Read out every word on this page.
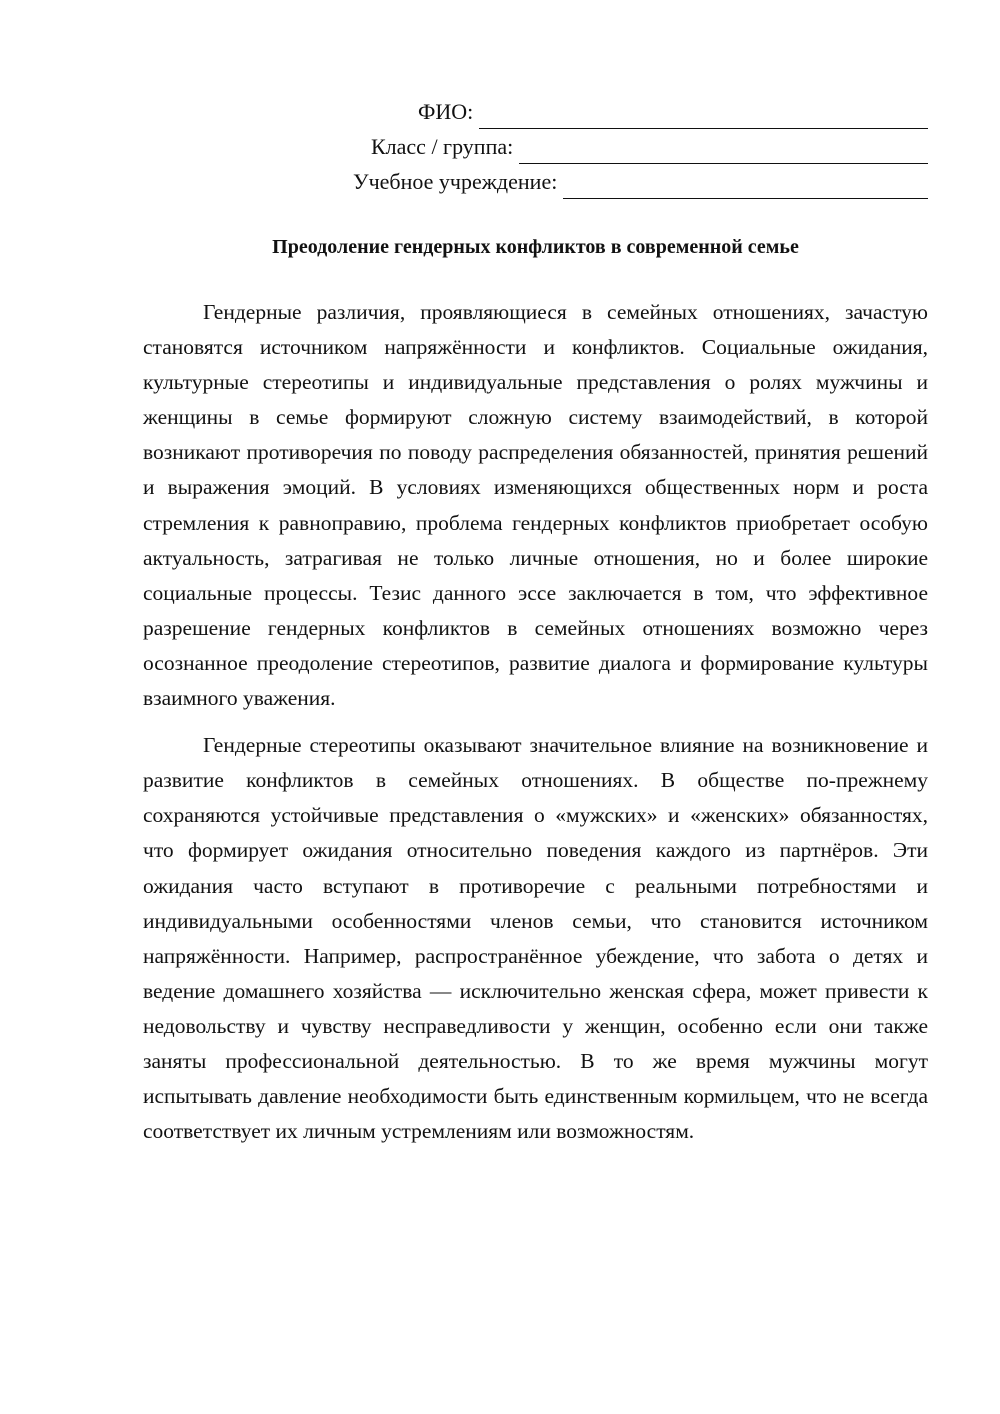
ФИО:
Класс / группа:
Учебное учреждение:
Преодоление гендерных конфликтов в современной семье

Гендерные различия, проявляющиеся в семейных отношениях, зачастую становятся источником напряжённости и конфликтов. Социальные ожидания, культурные стереотипы и индивидуальные представления о ролях мужчины и женщины в семье формируют сложную систему взаимодействий, в которой возникают противоречия по поводу распределения обязанностей, принятия решений и выражения эмоций. В условиях изменяющихся общественных норм и роста стремления к равноправию, проблема гендерных конфликтов приобретает особую актуальность, затрагивая не только личные отношения, но и более широкие социальные процессы. Тезис данного эссе заключается в том, что эффективное разрешение гендерных конфликтов в семейных отношениях возможно через осознанное преодоление стереотипов, развитие диалога и формирование культуры взаимного уважения.

Гендерные стереотипы оказывают значительное влияние на возникновение и развитие конфликтов в семейных отношениях. В обществе по-прежнему сохраняются устойчивые представления о «мужских» и «женских» обязанностях, что формирует ожидания относительно поведения каждого из партнёров. Эти ожидания часто вступают в противоречие с реальными потребностями и индивидуальными особенностями членов семьи, что становится источником напряжённости. Например, распространённое убеждение, что забота о детях и ведение домашнего хозяйства — исключительно женская сфера, может привести к недовольству и чувству несправедливости у женщин, особенно если они также заняты профессиональной деятельностью. В то же время мужчины могут испытывать давление необходимости быть единственным кормильцем, что не всегда соответствует их личным устремлениям или возможностям.
